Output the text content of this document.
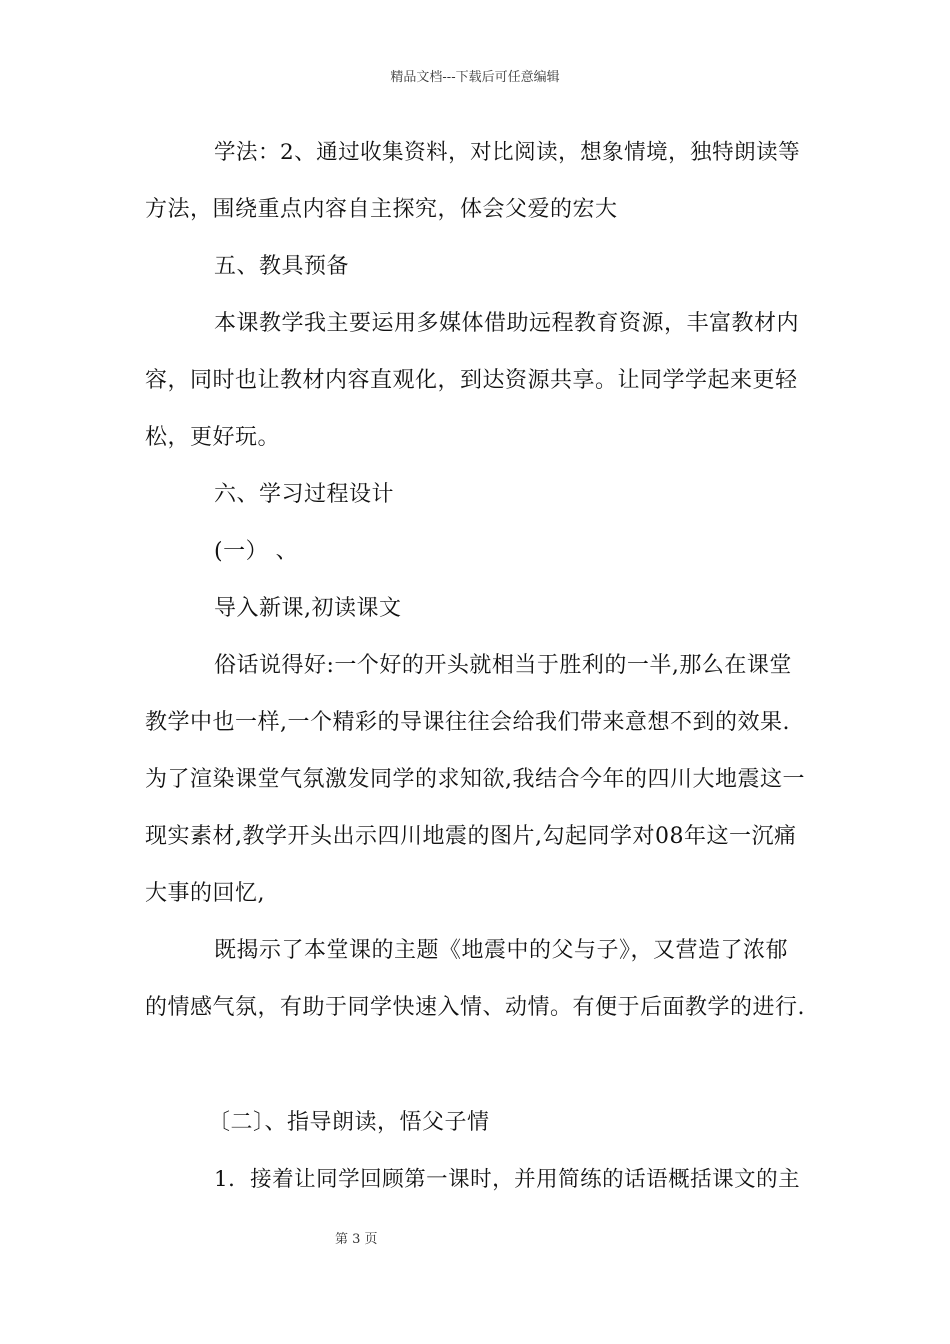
精品文档---下载后可任意编辑
学法：2、通过收集资料，对比阅读，想象情境，独特朗读等
方法，围绕重点内容自主探究，体会父爱的宏大
五、教具预备
本课教学我主要运用多媒体借助远程教育资源，丰富教材内
容，同时也让教材内容直观化，到达资源共享。让同学学起来更轻
松，更好玩。
六、学习过程设计
(一） 、
导入新课,初读课文
俗话说得好:一个好的开头就相当于胜利的一半,那么在课堂
教学中也一样,一个精彩的导课往往会给我们带来意想不到的效果.
为了渲染课堂气氛激发同学的求知欲,我结合今年的四川大地震这一
现实素材,教学开头出示四川地震的图片,勾起同学对08年这一沉痛
大事的回忆,
既揭示了本堂课的主题《地震中的父与子》，又营造了浓郁
的情感气氛，有助于同学快速入情、动情。有便于后面教学的进行.
〔二〕、指导朗读，悟父子情
1．接着让同学回顾第一课时，并用简练的话语概括课文的主
第 3 页
